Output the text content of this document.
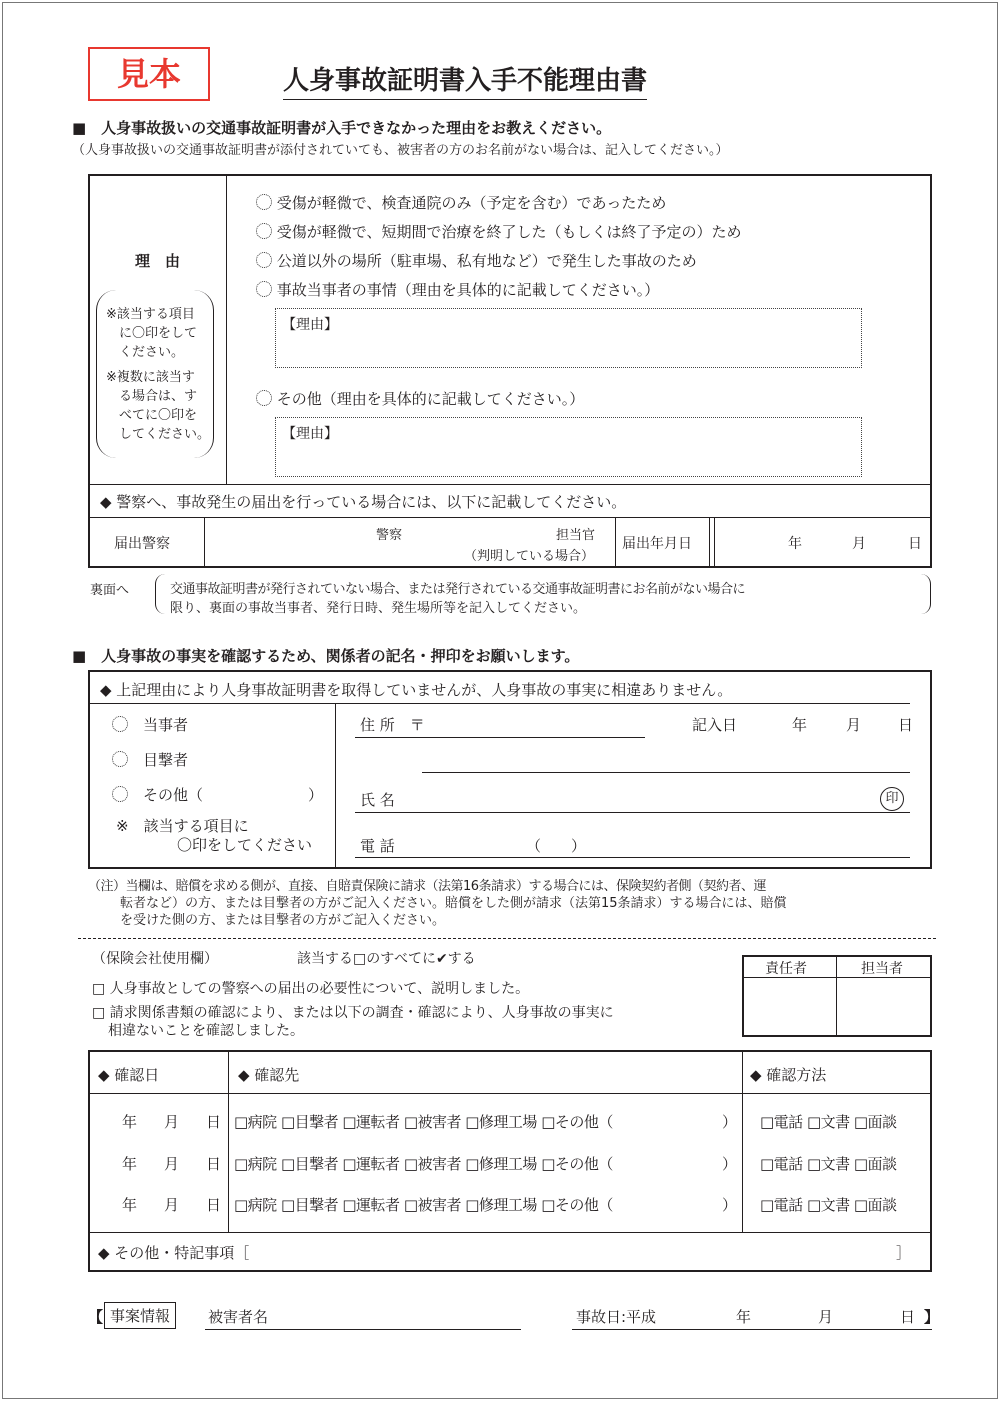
見本	人身事故証明書入手不能理由書
■　人身事故扱いの交通事故証明書が入手できなかった理由をお教えください。
（人身事故扱いの交通事故証明書が添付されていても、被害者の方のお名前がない場合は、記入してください。）
理　由
※該当する項目
　に〇印をして
　ください。
※複数に該当す
　る場合は、す
　べてに〇印を
　してください。
受傷が軽微で、検査通院のみ（予定を含む）であったため
受傷が軽微で、短期間で治療を終了した（もしくは終了予定の）ため
公道以外の場所（駐車場、私有地など）で発生した事故のため
事故当事者の事情（理由を具体的に記載してください。）
【理由】
その他（理由を具体的に記載してください。）
【理由】
◆ 警察へ、事故発生の届出を行っている場合には、以下に記載してください。
届出警察
警察	担当官
（判明している場合）
届出年月日	年	月	日
裏面へ	交通事故証明書が発行されていない場合、または発行されている交通事故証明書にお名前がない場合に
限り、裏面の事故当事者、発行日時、発生場所等を記入してください。
■　人身事故の事実を確認するため、関係者の記名・押印をお願いします。
◆ 上記理由により人身事故証明書を取得していませんが、人身事故の事実に相違ありません。
　当事者
　目撃者
　その他（　　　　　　　）
※　該当する項目に
〇印をしてください
住 所　〒	記入日	年	月 日
氏 名	印
電 話	（　　）
（注）当欄は、賠償を求める側が、直接、自賠責保険に請求（法第16条請求）する場合には、保険契約者側（契約者、運
転者など）の方、または目撃者の方がご記入ください。賠償をした側が請求（法第15条請求）する場合には、賠償
を受けた側の方、または目撃者の方がご記入ください。
（保険会社使用欄）	該当する□のすべてに✔する
□ 人身事故としての警察への届出の必要性について、説明しました。
□ 請求関係書類の確認により、または以下の調査・確認により、人身事故の事実に
相違ないことを確認しました。
責任者	担当者
◆ 確認日	◆ 確認先	◆ 確認方法
年 月 日 □病院 □目撃者 □運転者 □被害者 □修理工場 □その他（	） □電話 □文書 □面談
年 月 日 □病院 □目撃者 □運転者 □被害者 □修理工場 □その他（	） □電話 □文書 □面談
年 月 日 □病院 □目撃者 □運転者 □被害者 □修理工場 □その他（	） □電話 □文書 □面談
◆ その他・特記事項［	］
【 事案情報	被害者名	事故日:平成	年	月	日 】
